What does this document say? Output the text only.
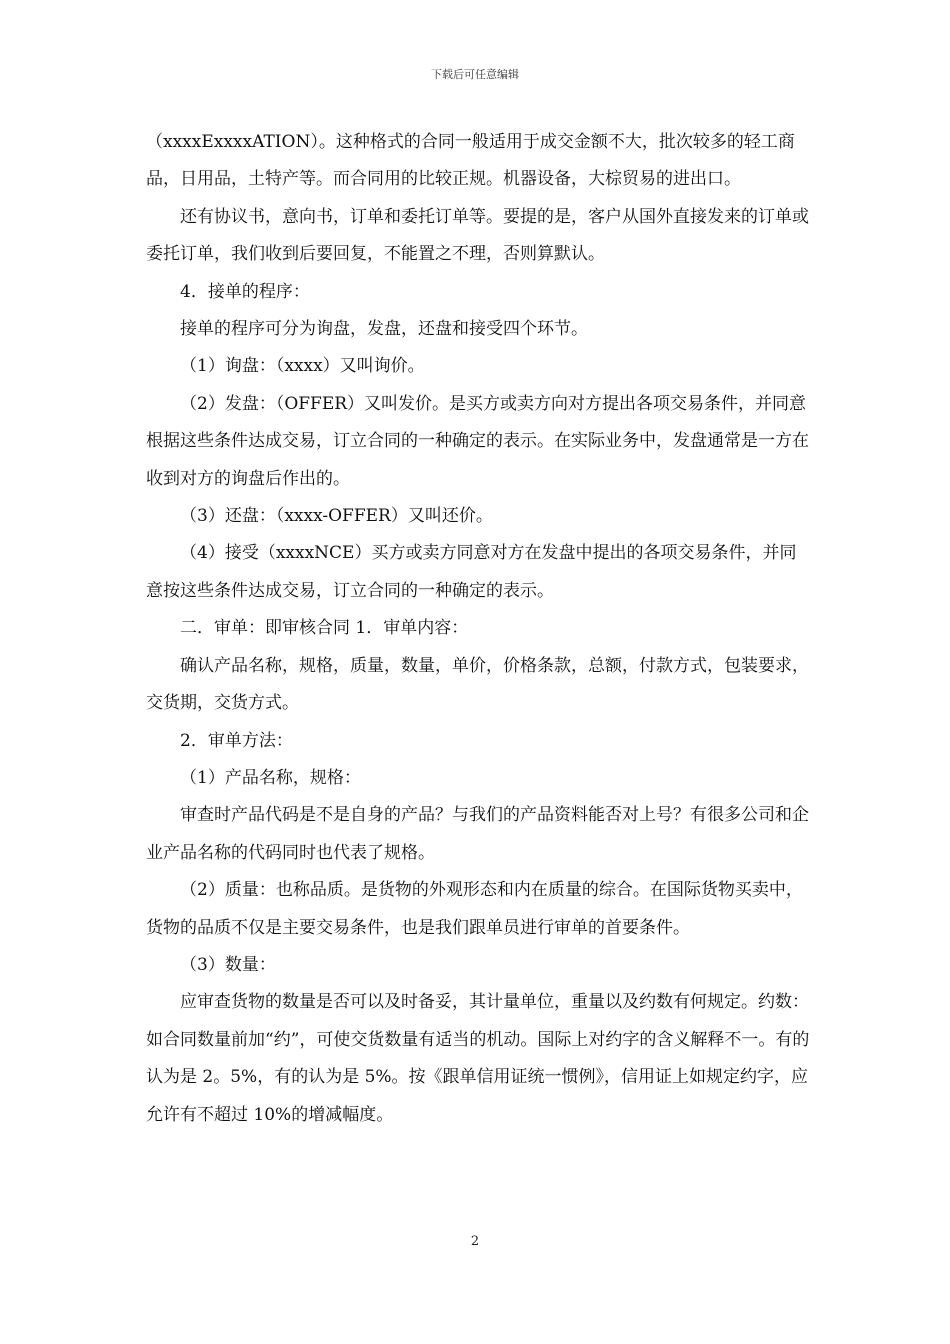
下载后可任意编辑

（xxxxExxxxATION）。这种格式的合同一般适用于成交金额不大，批次较多的轻工商品，日用品，土特产等。而合同用的比较正规。机器设备，大棕贸易的进出口。

还有协议书，意向书，订单和委托订单等。要提的是，客户从国外直接发来的订单或委托订单，我们收到后要回复，不能置之不理，否则算默认。

4．接单的程序：

接单的程序可分为询盘，发盘，还盘和接受四个环节。

（1）询盘：（xxxx）又叫询价。

（2）发盘：（OFFER）又叫发价。是买方或卖方向对方提出各项交易条件，并同意根据这些条件达成交易，订立合同的一种确定的表示。在实际业务中，发盘通常是一方在收到对方的询盘后作出的。

（3）还盘：（xxxx-OFFER）又叫还价。

（4）接受（xxxxNCE）买方或卖方同意对方在发盘中提出的各项交易条件，并同意按这些条件达成交易，订立合同的一种确定的表示。

二．审单：即审核合同 1．审单内容：

确认产品名称，规格，质量，数量，单价，价格条款，总额，付款方式，包装要求，交货期，交货方式。

2．审单方法：

（1）产品名称，规格：

审查时产品代码是不是自身的产品？与我们的产品资料能否对上号？有很多公司和企业产品名称的代码同时也代表了规格。

（2）质量：也称品质。是货物的外观形态和内在质量的综合。在国际货物买卖中，货物的品质不仅是主要交易条件，也是我们跟单员进行审单的首要条件。

（3）数量：

应审查货物的数量是否可以及时备妥，其计量单位，重量以及约数有何规定。约数：如合同数量前加“约”，可使交货数量有适当的机动。国际上对约字的含义解释不一。有的认为是 2。5%，有的认为是 5%。按《跟单信用证统一惯例》，信用证上如规定约字，应允许有不超过 10%的增减幅度。

2
